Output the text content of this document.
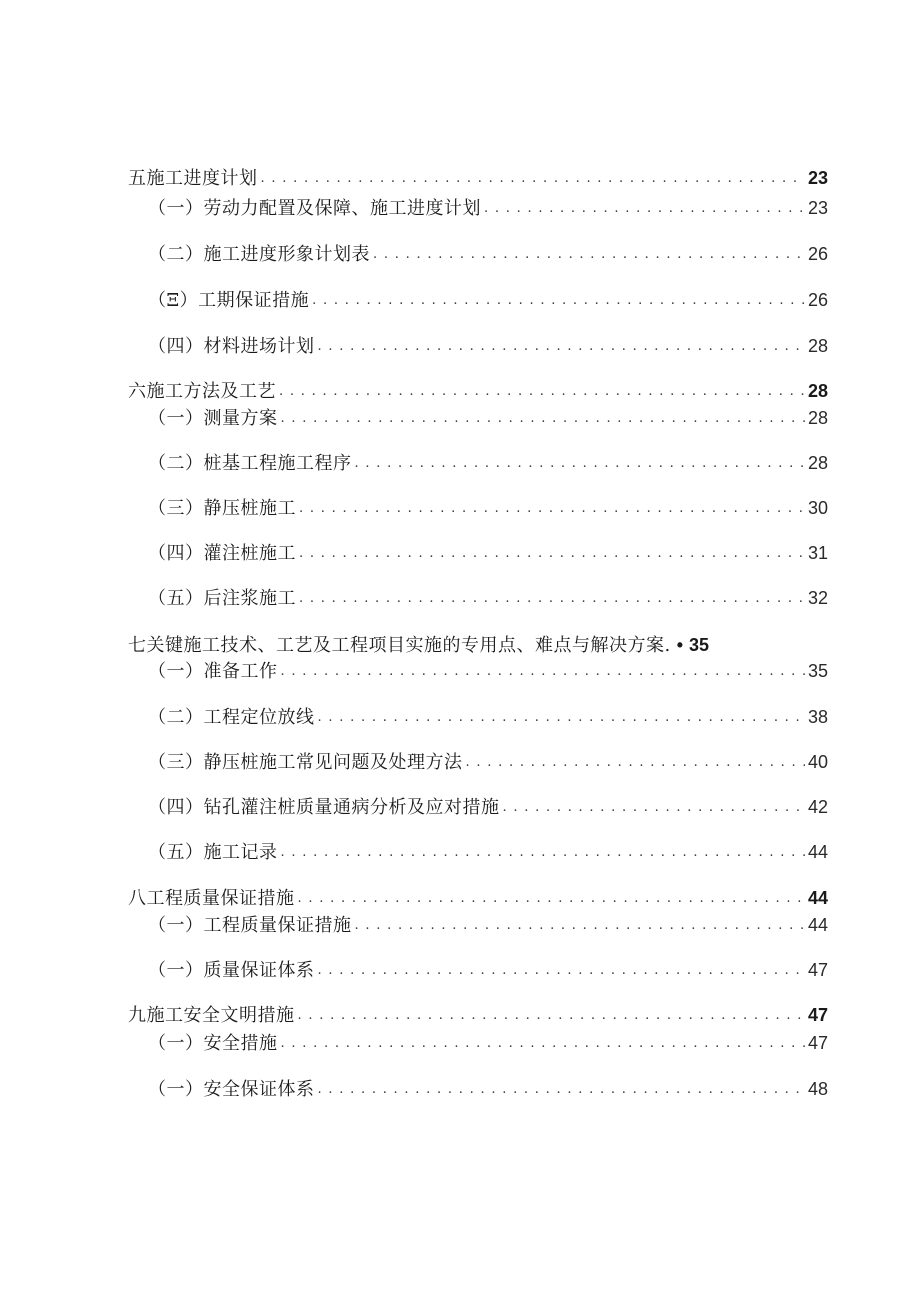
五施工进度计划 . . .	23
（一）劳动力配置及保障、施工进度计划 . . .	23
（二）施工进度形象计划表 . . .	26
（Ξ）工期保证措施 . . .	26
（四）材料进场计划 . . .	28
六施工方法及工艺 . . .	28
（一）测量方案 . . .	28
（二）桩基工程施工程序 . . .	28
（三）静压桩施工 . . .	30
（四）灌注桩施工 . . .	31
（五）后注浆施工 . . .	32
七关键施工技术、工艺及工程项目实施的专用点、难点与解决方案. • 35
（一）准备工作 . . .	35
（二）工程定位放线 . . .	38
（三）静压桩施工常见问题及处理方法 . . .	40
（四）钻孔灌注桩质量通病分析及应对措施 . . .	42
（五）施工记录 . . .	44
八工程质量保证措施 . . .	44
（一）工程质量保证措施 . . .	44
（一）质量保证体系 . . .	47
九施工安全文明措施 . . .	47
（一）安全措施 . . .	47
（一）安全保证体系 . . .	48
